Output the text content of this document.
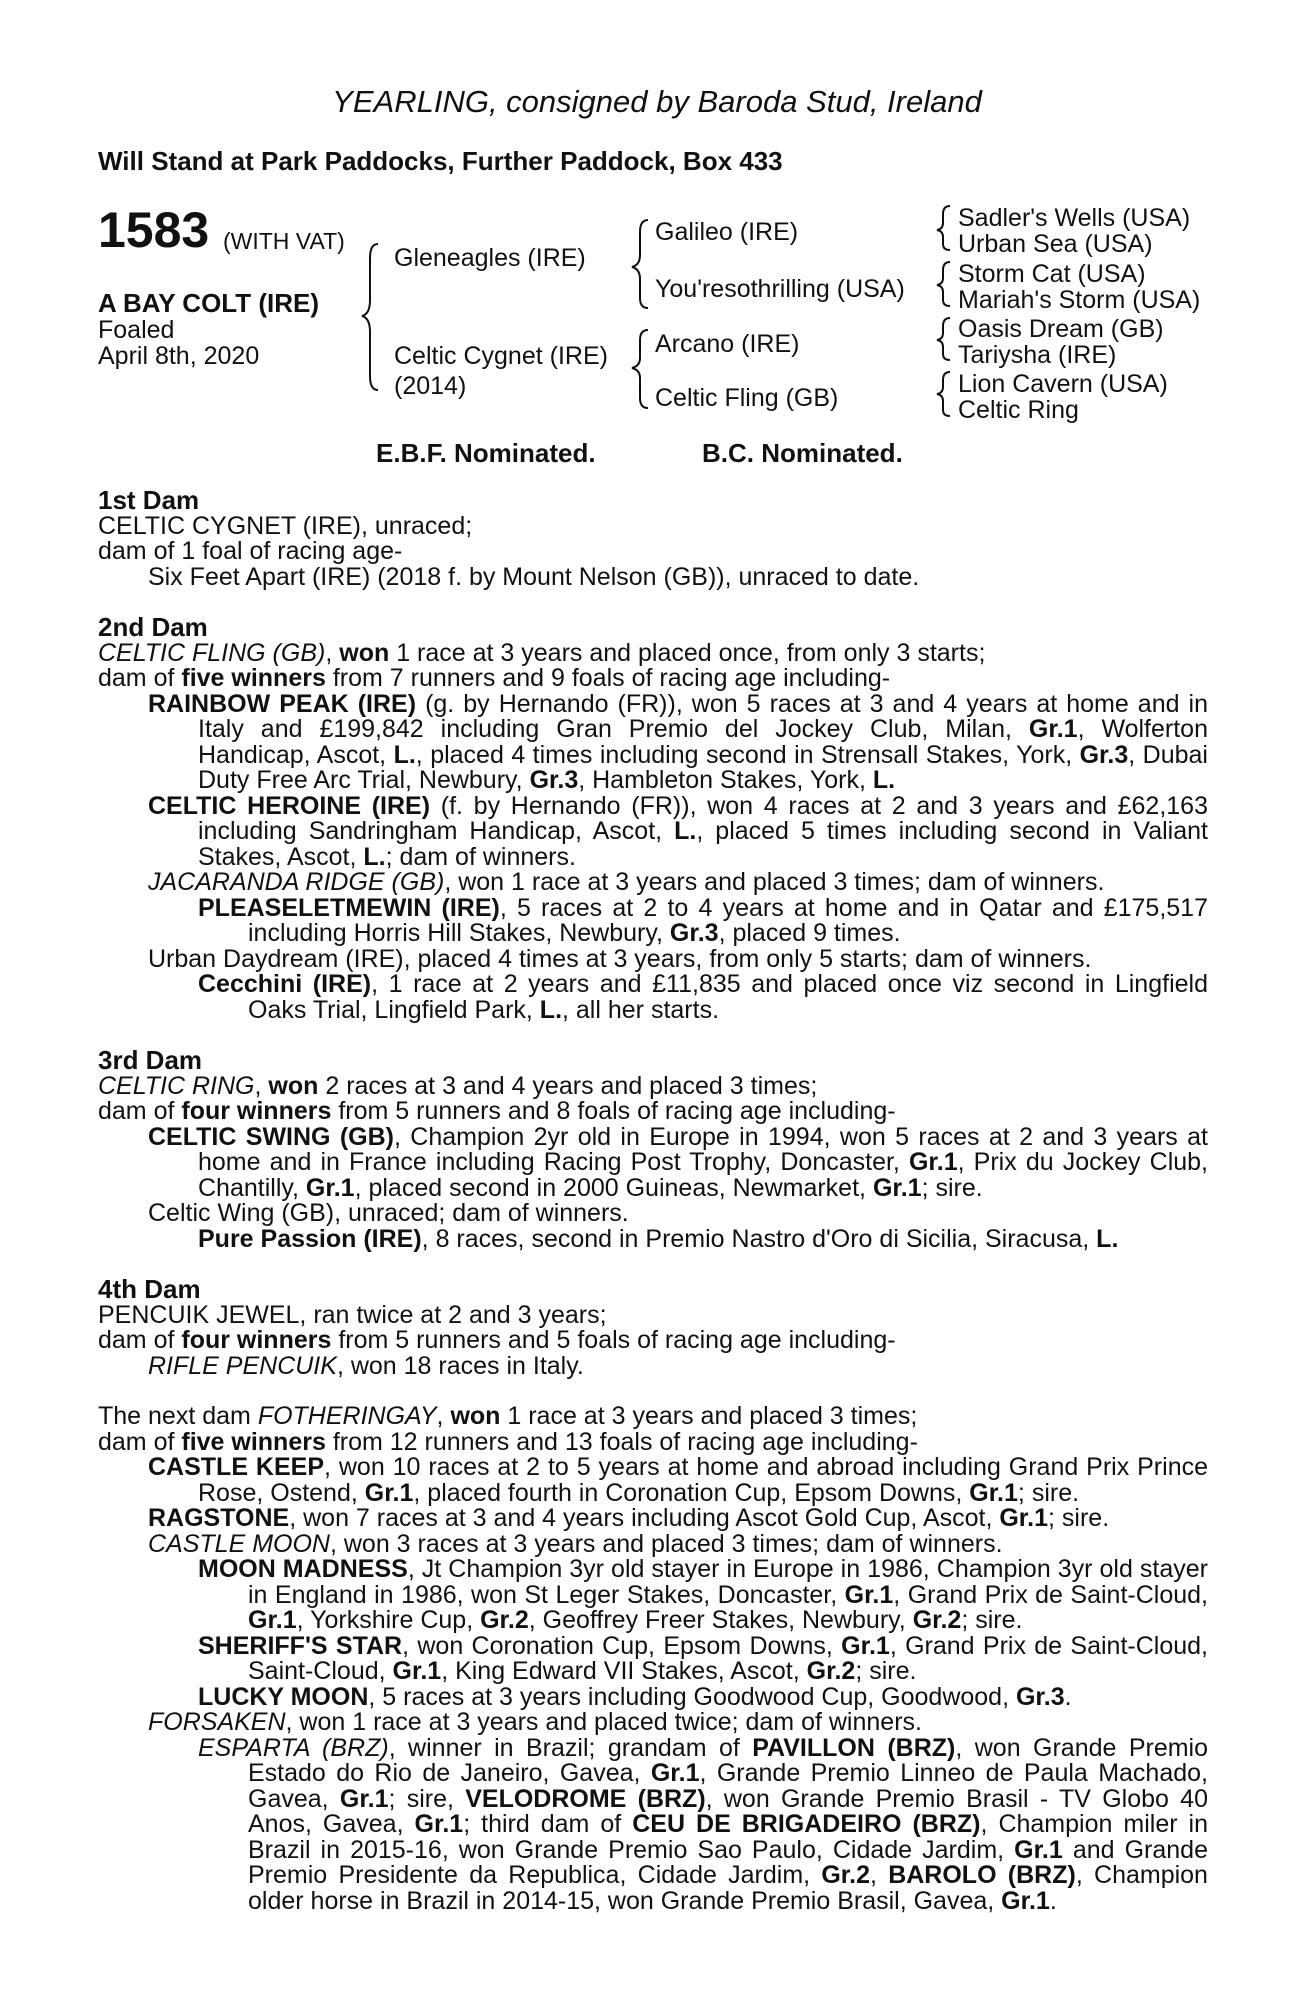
YEARLING, consigned by Baroda Stud, Ireland
Will Stand at Park Paddocks, Further Paddock, Box 433
1583 (WITH VAT)
A BAY COLT (IRE)
Foaled
April 8th, 2020
Gleneagles (IRE)
Celtic Cygnet (IRE)
(2014)
Galileo (IRE)
You'resothrilling (USA)
Arcano (IRE)
Celtic Fling (GB)
Sadler's Wells (USA)
Urban Sea (USA)
Storm Cat (USA)
Mariah's Storm (USA)
Oasis Dream (GB)
Tariysha (IRE)
Lion Cavern (USA)
Celtic Ring
E.B.F. Nominated.	B.C. Nominated.
1st Dam

CELTIC CYGNET (IRE), unraced;

dam of 1 foal of racing age-

Six Feet Apart (IRE) (2018 f. by Mount Nelson (GB)), unraced to date.

2nd Dam

CELTIC FLING (GB), won 1 race at 3 years and placed once, from only 3 starts;

dam of five winners from 7 runners and 9 foals of racing age including-

RAINBOW PEAK (IRE) (g. by Hernando (FR)), won 5 races at 3 and 4 years at home and in Italy and £199,842 including Gran Premio del Jockey Club, Milan, Gr.1, Wolferton Handicap, Ascot, L., placed 4 times including second in Strensall Stakes, York, Gr.3, Dubai Duty Free Arc Trial, Newbury, Gr.3, Hambleton Stakes, York, L.

CELTIC HEROINE (IRE) (f. by Hernando (FR)), won 4 races at 2 and 3 years and £62,163 including Sandringham Handicap, Ascot, L., placed 5 times including second in Valiant Stakes, Ascot, L.; dam of winners.

JACARANDA RIDGE (GB), won 1 race at 3 years and placed 3 times; dam of winners.

PLEASELETMEWIN (IRE), 5 races at 2 to 4 years at home and in Qatar and £175,517 including Horris Hill Stakes, Newbury, Gr.3, placed 9 times.

Urban Daydream (IRE), placed 4 times at 3 years, from only 5 starts; dam of winners.

Cecchini (IRE), 1 race at 2 years and £11,835 and placed once viz second in Lingfield Oaks Trial, Lingfield Park, L., all her starts.

3rd Dam

CELTIC RING, won 2 races at 3 and 4 years and placed 3 times;

dam of four winners from 5 runners and 8 foals of racing age including-

CELTIC SWING (GB), Champion 2yr old in Europe in 1994, won 5 races at 2 and 3 years at home and in France including Racing Post Trophy, Doncaster, Gr.1, Prix du Jockey Club, Chantilly, Gr.1, placed second in 2000 Guineas, Newmarket, Gr.1; sire.

Celtic Wing (GB), unraced; dam of winners.

Pure Passion (IRE), 8 races, second in Premio Nastro d'Oro di Sicilia, Siracusa, L.

4th Dam

PENCUIK JEWEL, ran twice at 2 and 3 years;

dam of four winners from 5 runners and 5 foals of racing age including-

RIFLE PENCUIK, won 18 races in Italy.

The next dam FOTHERINGAY, won 1 race at 3 years and placed 3 times;

dam of five winners from 12 runners and 13 foals of racing age including-

CASTLE KEEP, won 10 races at 2 to 5 years at home and abroad including Grand Prix Prince Rose, Ostend, Gr.1, placed fourth in Coronation Cup, Epsom Downs, Gr.1; sire.

RAGSTONE, won 7 races at 3 and 4 years including Ascot Gold Cup, Ascot, Gr.1; sire.

CASTLE MOON, won 3 races at 3 years and placed 3 times; dam of winners.

MOON MADNESS, Jt Champion 3yr old stayer in Europe in 1986, Champion 3yr old stayer in England in 1986, won St Leger Stakes, Doncaster, Gr.1, Grand Prix de Saint-Cloud, Gr.1, Yorkshire Cup, Gr.2, Geoffrey Freer Stakes, Newbury, Gr.2; sire.

SHERIFF'S STAR, won Coronation Cup, Epsom Downs, Gr.1, Grand Prix de Saint-Cloud, Saint-Cloud, Gr.1, King Edward VII Stakes, Ascot, Gr.2; sire.

LUCKY MOON, 5 races at 3 years including Goodwood Cup, Goodwood, Gr.3.

FORSAKEN, won 1 race at 3 years and placed twice; dam of winners.

ESPARTA (BRZ), winner in Brazil; grandam of PAVILLON (BRZ), won Grande Premio Estado do Rio de Janeiro, Gavea, Gr.1, Grande Premio Linneo de Paula Machado, Gavea, Gr.1; sire, VELODROME (BRZ), won Grande Premio Brasil - TV Globo 40 Anos, Gavea, Gr.1; third dam of CEU DE BRIGADEIRO (BRZ), Champion miler in Brazil in 2015-16, won Grande Premio Sao Paulo, Cidade Jardim, Gr.1 and Grande Premio Presidente da Republica, Cidade Jardim, Gr.2, BAROLO (BRZ), Champion older horse in Brazil in 2014-15, won Grande Premio Brasil, Gavea, Gr.1.
